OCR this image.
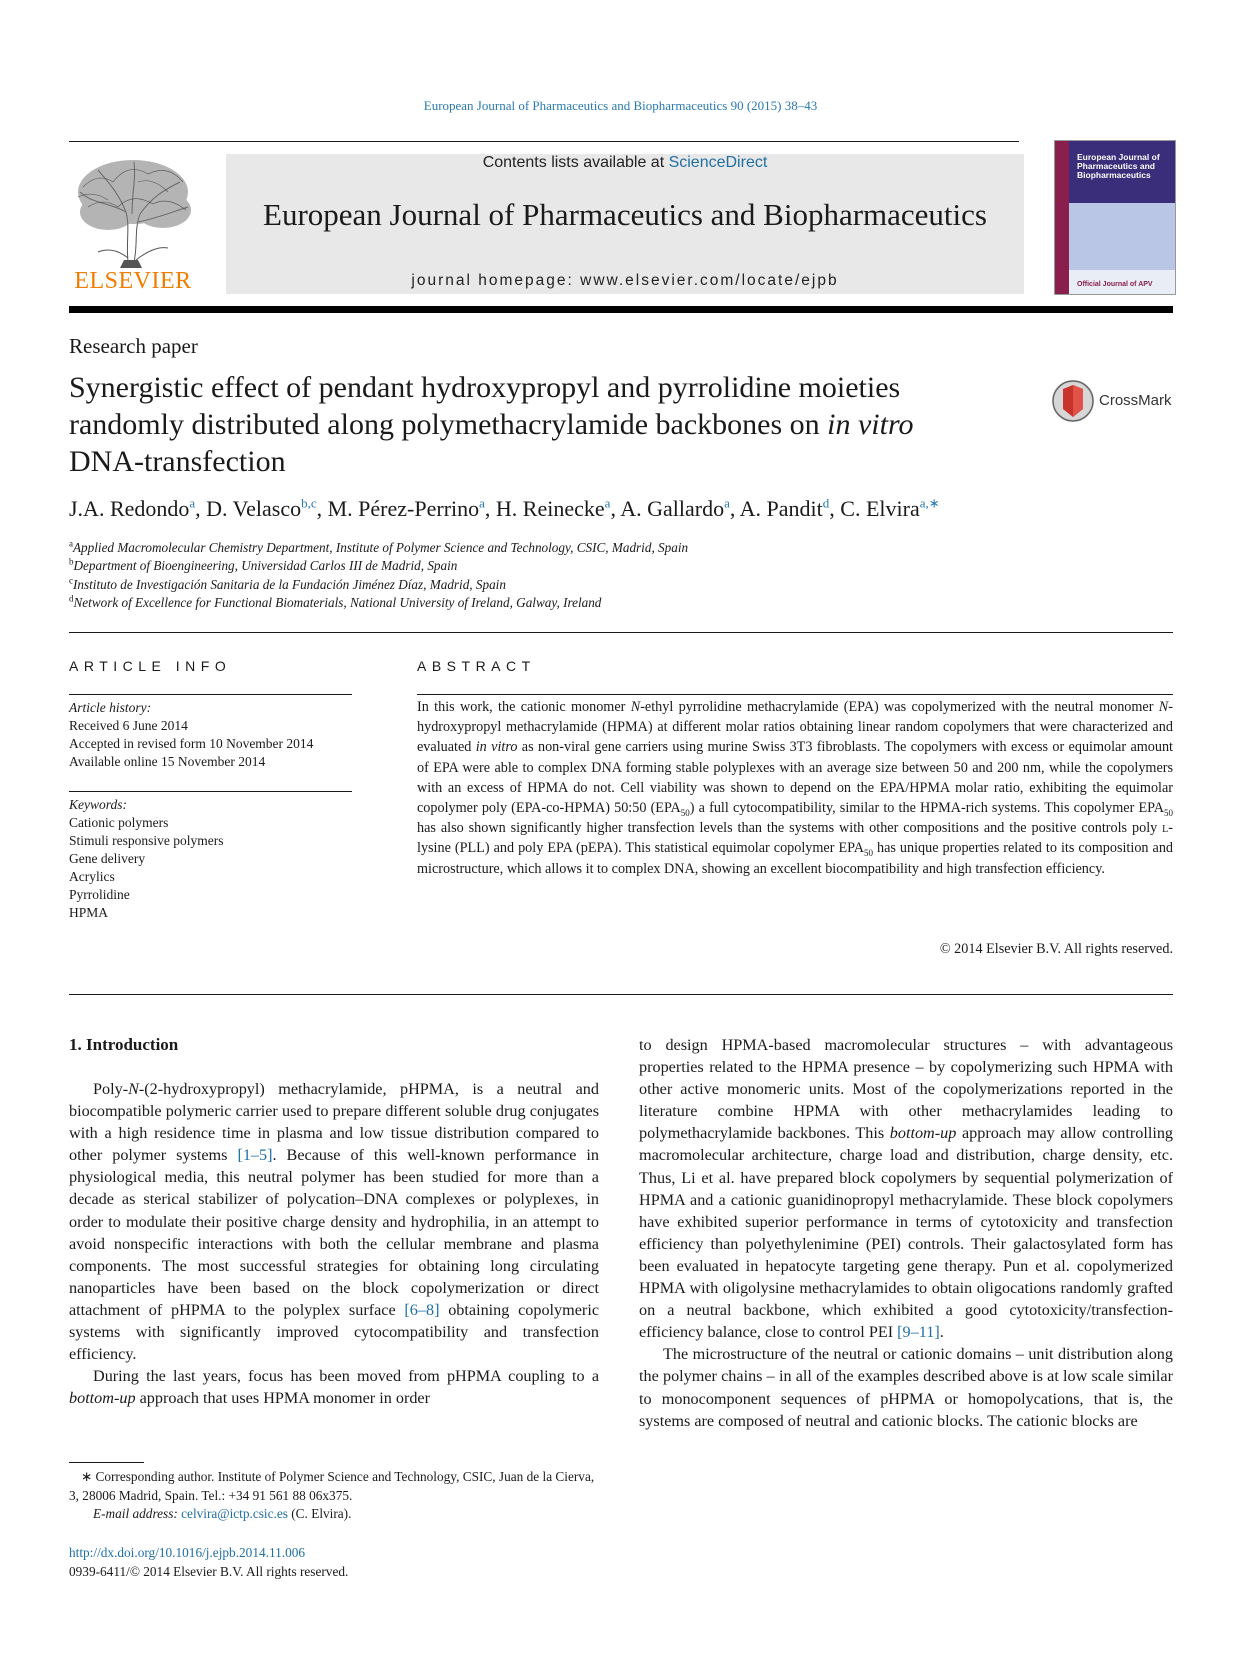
European Journal of Pharmaceutics and Biopharmaceutics 90 (2015) 38–43
ELSEVIER
Contents lists available at ScienceDirect
European Journal of Pharmaceutics and Biopharmaceutics
journal homepage: www.elsevier.com/locate/ejpb
European Journal of Pharmaceutics and Biopharmaceutics
Official Journal of APV
Research paper
Synergistic effect of pendant hydroxypropyl and pyrrolidine moieties
randomly distributed along polymethacrylamide backbones on in vitro
DNA-transfection
CrossMark
J.A. Redondo$^a$, D. Velasco$^{b,c}$, M. Pérez-Perrino$^a$, H. Reinecke$^a$, A. Gallardo$^a$, A. Pandit$^d$, C. Elvira$^{a,∗}$
$^a$Applied Macromolecular Chemistry Department, Institute of Polymer Science and Technology, CSIC, Madrid, Spain
$^b$Department of Bioengineering, Universidad Carlos III de Madrid, Spain
$^c$Instituto de Investigación Sanitaria de la Fundación Jiménez Díaz, Madrid, Spain
$^d$Network of Excellence for Functional Biomaterials, National University of Ireland, Galway, Ireland
ARTICLE INFO
Article history:
Received 6 June 2014
Accepted in revised form 10 November 2014
Available online 15 November 2014
Keywords:
Cationic polymers
Stimuli responsive polymers
Gene delivery
Acrylics
Pyrrolidine
HPMA
ABSTRACT
In this work, the cationic monomer N-ethyl pyrrolidine methacrylamide (EPA) was copolymerized with the neutral monomer N-hydroxypropyl methacrylamide (HPMA) at different molar ratios obtaining linear random copolymers that were characterized and evaluated in vitro as non-viral gene carriers using murine Swiss 3T3 fibroblasts. The copolymers with excess or equimolar amount of EPA were able to complex DNA forming stable polyplexes with an average size between 50 and 200 nm, while the copolymers with an excess of HPMA do not. Cell viability was shown to depend on the EPA/HPMA molar ratio, exhibiting the equimolar copolymer poly (EPA-co-HPMA) 50:50 $(EPA_{50})$ a full cytocompatibility, similar to the HPMA-rich systems. This copolymer $EPA_{50}$ has also shown significantly higher transfection levels than the systems with other compositions and the positive controls poly l-lysine (PLL) and poly EPA (pEPA). This statistical equimolar copolymer $EPA_{50}$ has unique properties related to its composition and microstructure, which allows it to complex DNA, showing an excellent biocompatibility and high transfection efficiency.
© 2014 Elsevier B.V. All rights reserved.
1. Introduction

Poly-N-(2-hydroxypropyl) methacrylamide, pHPMA, is a neutral and biocompatible polymeric carrier used to prepare different soluble drug conjugates with a high residence time in plasma and low tissue distribution compared to other polymer systems [1–5]. Because of this well-known performance in physiological media, this neutral polymer has been studied for more than a decade as sterical stabilizer of polycation–DNA complexes or polyplexes, in order to modulate their positive charge density and hydrophilia, in an attempt to avoid nonspecific interactions with both the cellular membrane and plasma components. The most successful strategies for obtaining long circulating nanoparticles have been based on the block copolymerization or direct attachment of pHPMA to the polyplex surface [6–8] obtaining copolymeric systems with significantly improved cytocompatibility and transfection efficiency.

During the last years, focus has been moved from pHPMA coupling to a bottom-up approach that uses HPMA monomer in order

to design HPMA-based macromolecular structures – with advantageous properties related to the HPMA presence – by copolymerizing such HPMA with other active monomeric units. Most of the copolymerizations reported in the literature combine HPMA with other methacrylamides leading to polymethacrylamide backbones. This bottom-up approach may allow controlling macromolecular architecture, charge load and distribution, charge density, etc. Thus, Li et al. have prepared block copolymers by sequential polymerization of HPMA and a cationic guanidinopropyl methacrylamide. These block copolymers have exhibited superior performance in terms of cytotoxicity and transfection efficiency than polyethylenimine (PEI) controls. Their galactosylated form has been evaluated in hepatocyte targeting gene therapy. Pun et al. copolymerized HPMA with oligolysine methacrylamides to obtain oligocations randomly grafted on a neutral backbone, which exhibited a good cytotoxicity/transfection-efficiency balance, close to control PEI [9–11].

The microstructure of the neutral or cationic domains – unit distribution along the polymer chains – in all of the examples described above is at low scale similar to monocomponent sequences of pHPMA or homopolycations, that is, the systems are composed of neutral and cationic blocks. The cationic blocks are

∗ Corresponding author. Institute of Polymer Science and Technology, CSIC, Juan de la Cierva, 3, 28006 Madrid, Spain. Tel.: +34 91 561 88 06x375.
E-mail address: celvira@ictp.csic.es (C. Elvira).
http://dx.doi.org/10.1016/j.ejpb.2014.11.006
0939-6411/© 2014 Elsevier B.V. All rights reserved.
